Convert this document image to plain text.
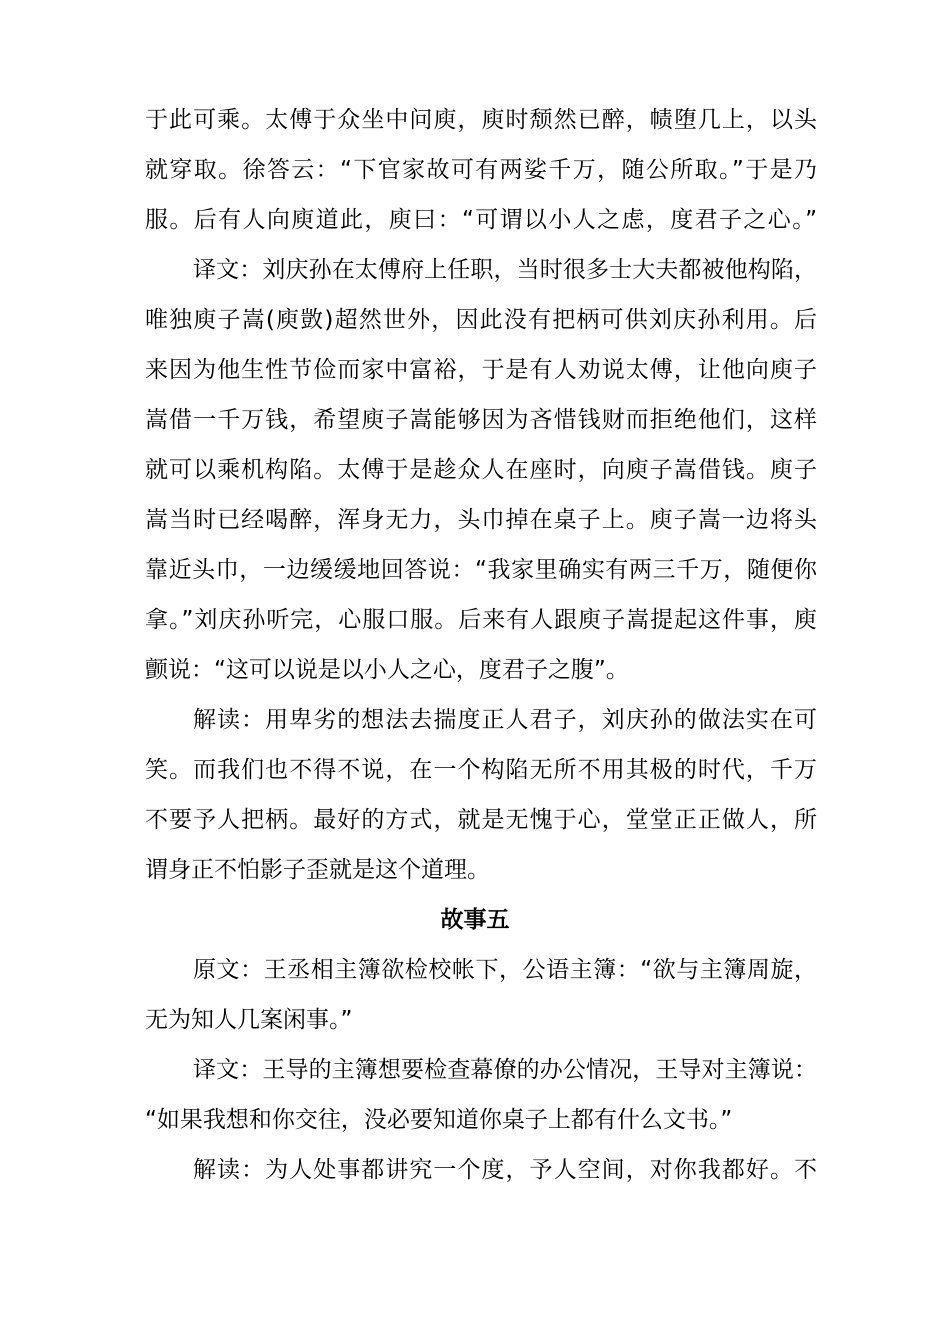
于此可乘。太傅于众坐中问庾，庾时颓然已醉，帻堕几上，以头
就穿取。徐答云：“下官家故可有两娑千万，随公所取。”于是乃
服。后有人向庾道此，庾曰：“可谓以小人之虑，度君子之心。”
译文：刘庆孙在太傅府上任职，当时很多士大夫都被他构陷，
唯独庾子嵩(庾敳)超然世外，因此没有把柄可供刘庆孙利用。后
来因为他生性节俭而家中富裕，于是有人劝说太傅，让他向庾子
嵩借一千万钱，希望庾子嵩能够因为吝惜钱财而拒绝他们，这样
就可以乘机构陷。太傅于是趁众人在座时，向庾子嵩借钱。庾子
嵩当时已经喝醉，浑身无力，头巾掉在桌子上。庾子嵩一边将头
靠近头巾，一边缓缓地回答说：“我家里确实有两三千万，随便你
拿。”刘庆孙听完，心服口服。后来有人跟庾子嵩提起这件事，庾
颤说：“这可以说是以小人之心，度君子之腹”。
解读：用卑劣的想法去揣度正人君子，刘庆孙的做法实在可
笑。而我们也不得不说，在一个构陷无所不用其极的时代，千万
不要予人把柄。最好的方式，就是无愧于心，堂堂正正做人，所
谓身正不怕影子歪就是这个道理。
故事五
原文：王丞相主簿欲检校帐下，公语主簿：“欲与主簿周旋，
无为知人几案闲事。”
译文：王导的主簿想要检查幕僚的办公情况，王导对主簿说：
“如果我想和你交往，没必要知道你桌子上都有什么文书。”
解读：为人处事都讲究一个度，予人空间，对你我都好。不
